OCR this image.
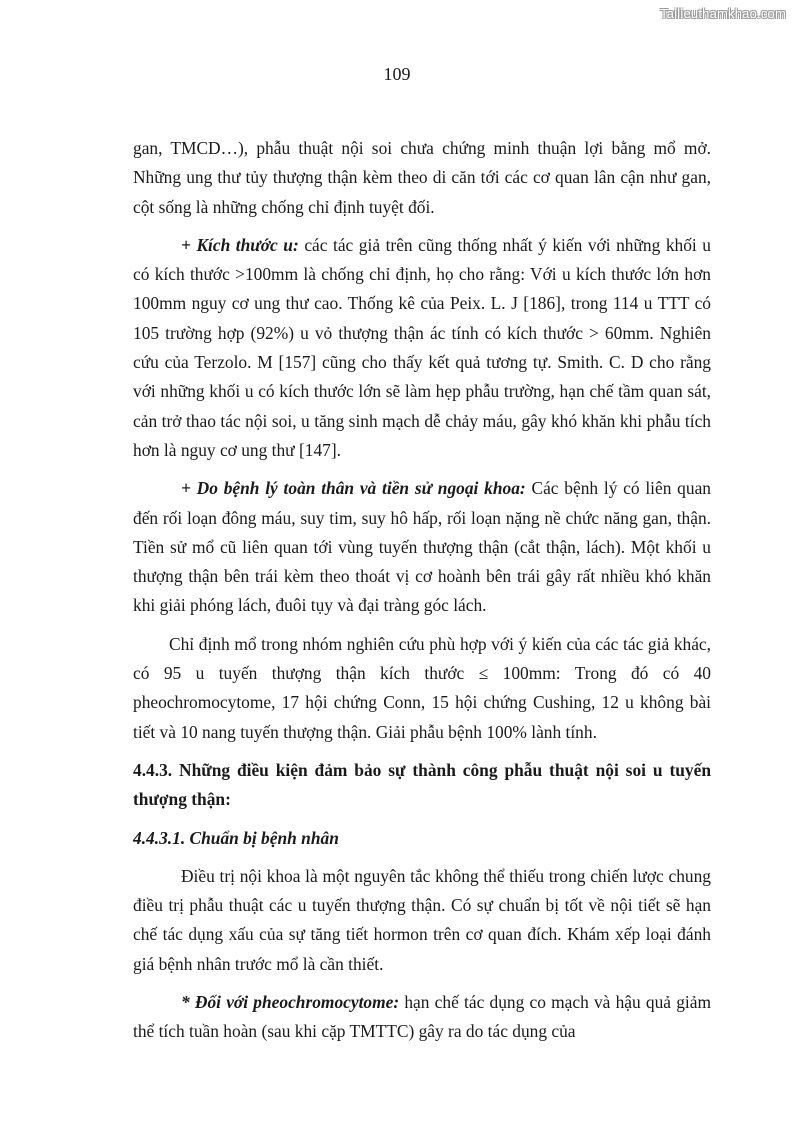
Tailieuthamkhao.com
109

gan, TMCD…), phẫu thuật nội soi chưa chứng minh thuận lợi bằng mổ mở. Những ung thư tủy thượng thận kèm theo di căn tới các cơ quan lân cận như gan, cột sống là những chống chỉ định tuyệt đối.

+ Kích thước u: các tác giả trên cũng thống nhất ý kiến với những khối u có kích thước >100mm là chống chỉ định, họ cho rằng: Với u kích thước lớn hơn 100mm nguy cơ ung thư cao. Thống kê của Peix. L. J [186], trong 114 u TTT có 105 trường hợp (92%) u vỏ thượng thận ác tính có kích thước > 60mm. Nghiên cứu của Terzolo. M [157] cũng cho thấy kết quả tương tự. Smith. C. D cho rằng với những khối u có kích thước lớn sẽ làm hẹp phẫu trường, hạn chế tầm quan sát, cản trở thao tác nội soi, u tăng sinh mạch dễ chảy máu, gây khó khăn khi phẫu tích hơn là nguy cơ ung thư [147].

+ Do bệnh lý toàn thân và tiền sử ngoại khoa: Các bệnh lý có liên quan đến rối loạn đông máu, suy tim, suy hô hấp, rối loạn nặng nề chức năng gan, thận. Tiền sử mổ cũ liên quan tới vùng tuyến thượng thận (cắt thận, lách). Một khối u thượng thận bên trái kèm theo thoát vị cơ hoành bên trái gây rất nhiều khó khăn khi giải phóng lách, đuôi tụy và đại tràng góc lách.

Chỉ định mổ trong nhóm nghiên cứu phù hợp với ý kiến của các tác giả khác, có 95 u tuyến thượng thận kích thước ≤ 100mm: Trong đó có 40 pheochromocytome, 17 hội chứng Conn, 15 hội chứng Cushing, 12 u không bài tiết và 10 nang tuyến thượng thận. Giải phẫu bệnh 100% lành tính.

4.4.3. Những điều kiện đảm bảo sự thành công phẫu thuật nội soi u tuyến thượng thận:

4.4.3.1. Chuẩn bị bệnh nhân

Điều trị nội khoa là một nguyên tắc không thể thiếu trong chiến lược chung điều trị phẫu thuật các u tuyến thượng thận. Có sự chuẩn bị tốt về nội tiết sẽ hạn chế tác dụng xấu của sự tăng tiết hormon trên cơ quan đích. Khám xếp loại đánh giá bệnh nhân trước mổ là cần thiết.

* Đối với pheochromocytome: hạn chế tác dụng co mạch và hậu quả giảm thể tích tuần hoàn (sau khi cặp TMTTC) gây ra do tác dụng của
